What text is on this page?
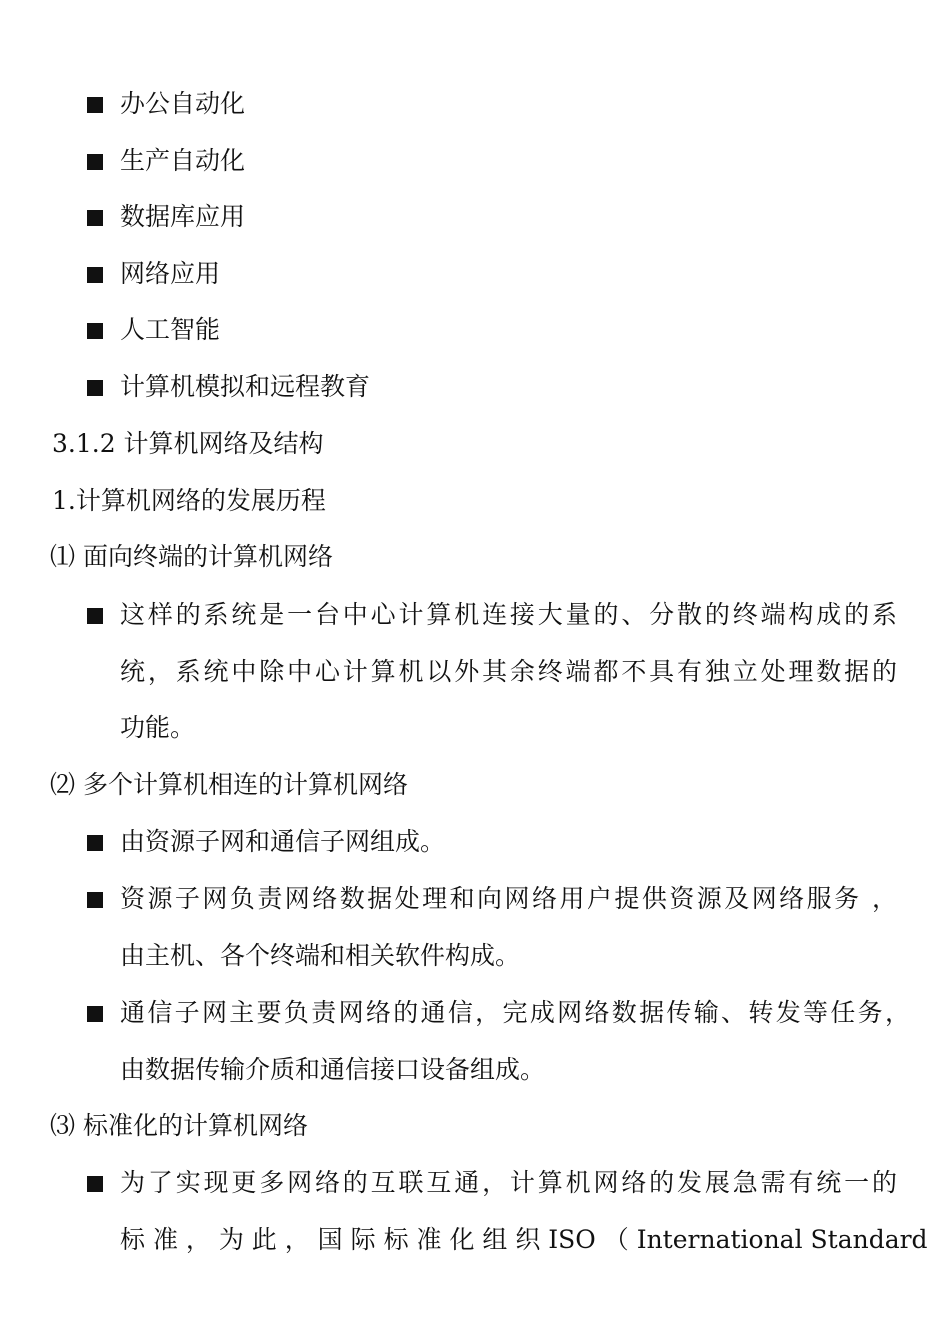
办公自动化
生产自动化
数据库应用
网络应用
人工智能
计算机模拟和远程教育
3.1.2 计算机网络及结构
1.计算机网络的发展历程
⑴ 面向终端的计算机网络
这样的系统是一台中心计算机连接大量的、分散的终端构成的系
统，系统中除中心计算机以外其余终端都不具有独立处理数据的
功能。
⑵ 多个计算机相连的计算机网络
由资源子网和通信子网组成。
资源子网负责网络数据处理和向网络用户提供资源及网络服务 ，
由主机、各个终端和相关软件构成。
通信子网主要负责网络的通信，完成网络数据传输、转发等任务，
由数据传输介质和通信接口设备组成。
⑶ 标准化的计算机网络
为了实现更多网络的互联互通，计算机网络的发展急需有统一的
标 准 ， 为 此 ， 国 际 标 准 化 组 织 ISO （ International Standard
